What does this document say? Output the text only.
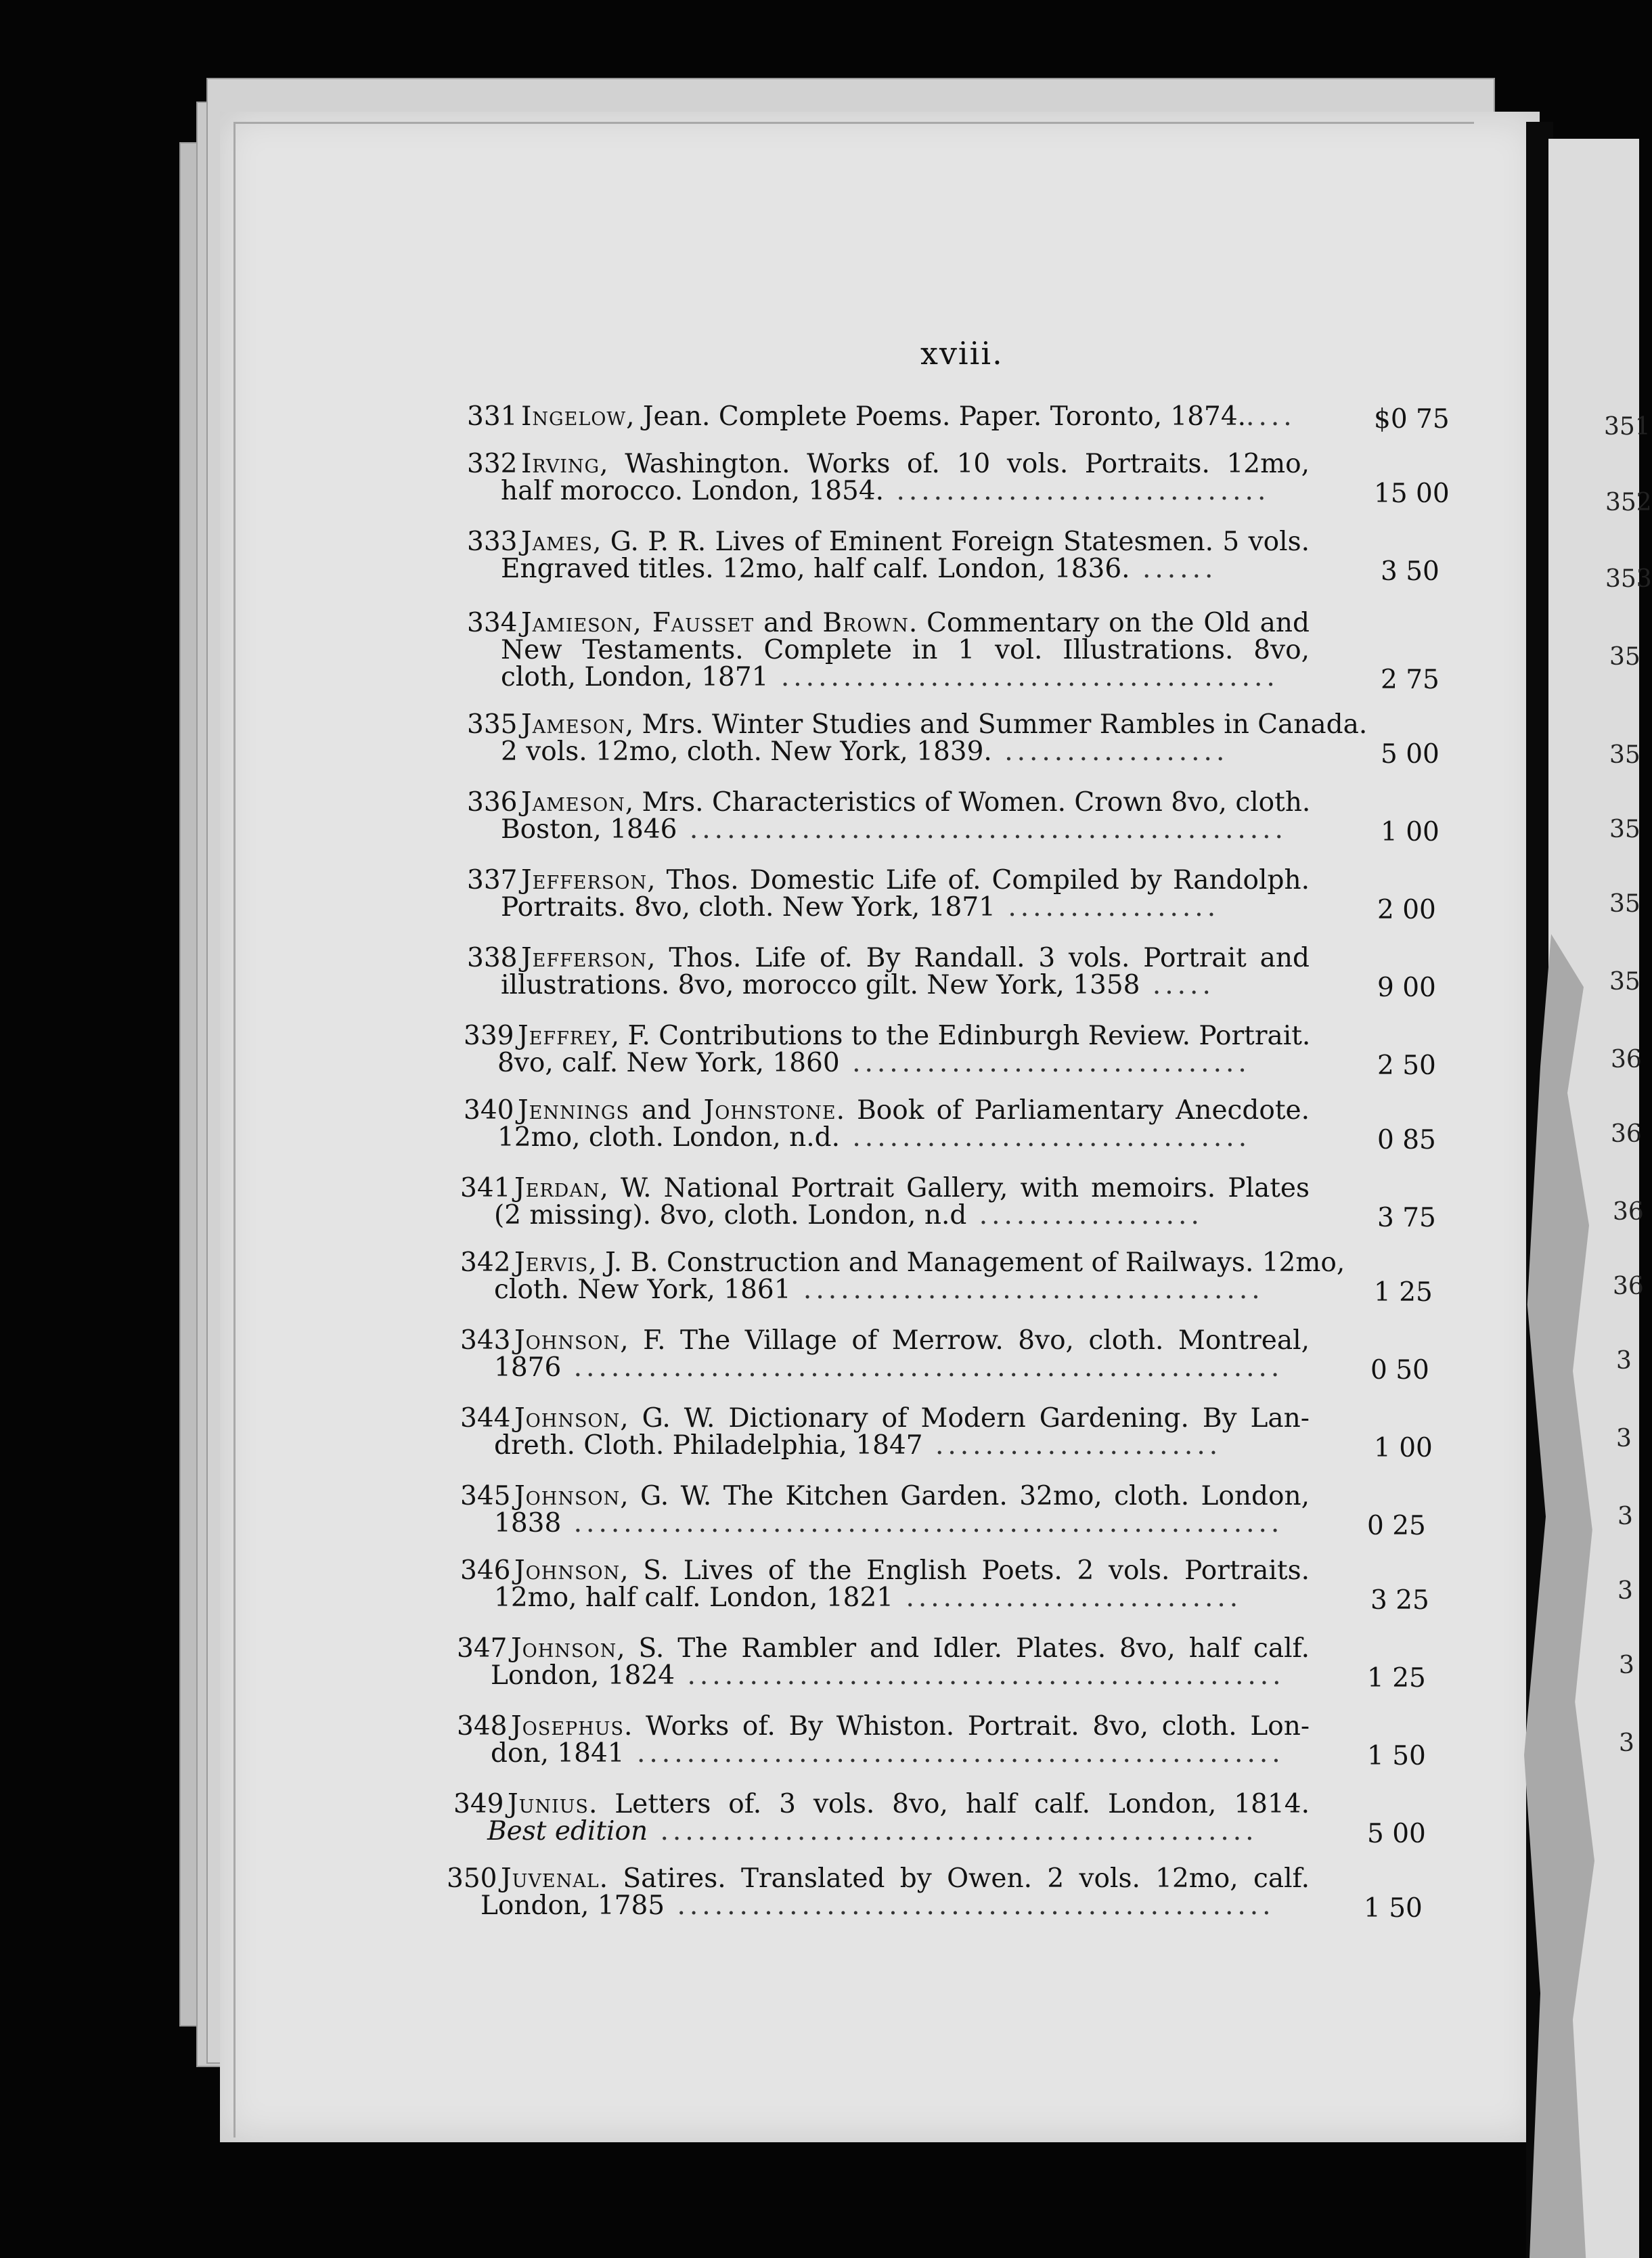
xviii.
331 Ingelow, Jean. Complete Poems. Paper. Toronto, 1874.....	$0 75
332 Irving, Washington. Works of. 10 vols. Portraits. 12mo,
half morocco. London, 1854. ..............................	15 00
333 James, G. P. R. Lives of Eminent Foreign Statesmen. 5 vols.
Engraved titles. 12mo, half calf. London, 1836. ......	3 50
334 Jamieson, Fausset and Brown. Commentary on the Old and
New Testaments. Complete in 1 vol. Illustrations. 8vo,
cloth, London, 1871 ........................................	2 75
335 Jameson, Mrs. Winter Studies and Summer Rambles in Canada.
2 vols. 12mo, cloth. New York, 1839. ..................	5 00
336 Jameson, Mrs. Characteristics of Women. Crown 8vo, cloth.
Boston, 1846 ................................................	1 00
337 Jefferson, Thos. Domestic Life of. Compiled by Randolph.
Portraits. 8vo, cloth. New York, 1871 .................	2 00
338 Jefferson, Thos. Life of. By Randall. 3 vols. Portrait and
illustrations. 8vo, morocco gilt. New York, 1358 .....	9 00
339 Jeffrey, F. Contributions to the Edinburgh Review. Portrait.
8vo, calf. New York, 1860 ................................	2 50
340 Jennings and Johnstone. Book of Parliamentary Anecdote.
12mo, cloth. London, n.d. ................................	0 85
341 Jerdan, W. National Portrait Gallery, with memoirs. Plates
(2 missing). 8vo, cloth. London, n.d ..................	3 75
342 Jervis, J. B. Construction and Management of Railways. 12mo,
cloth. New York, 1861 .....................................	1 25
343 Johnson, F. The Village of Merrow. 8vo, cloth. Montreal,
1876 .........................................................	0 50
344 Johnson, G. W. Dictionary of Modern Gardening. By Lan-
dreth. Cloth. Philadelphia, 1847 .......................	1 00
345 Johnson, G. W. The Kitchen Garden. 32mo, cloth. London,
1838 .........................................................	0 25
346 Johnson, S. Lives of the English Poets. 2 vols. Portraits.
12mo, half calf. London, 1821 ...........................	3 25
347 Johnson, S. The Rambler and Idler. Plates. 8vo, half calf.
London, 1824 ................................................	1 25
348 Josephus. Works of. By Whiston. Portrait. 8vo, cloth. Lon-
don, 1841 ....................................................	1 50
349 Junius. Letters of. 3 vols. 8vo, half calf. London, 1814.
Best edition ................................................	5 00
350 Juvenal. Satires. Translated by Owen. 2 vols. 12mo, calf.
London, 1785 ................................................	1 50
351
352
353
35
35
35
35
35
36
36
36
36
3
3
3
3
3
3
